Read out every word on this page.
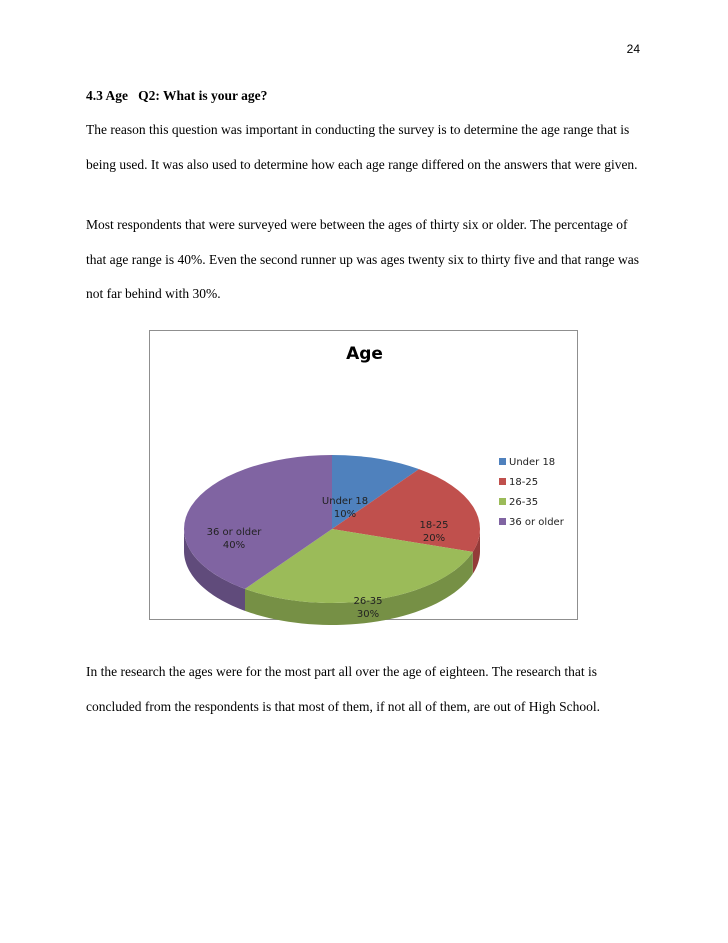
24
4.3 Age   Q2: What is your age?

The reason this question was important in conducting the survey is to determine the age range that is being used. It was also used to determine how each age range differed on the answers that were given.

Most respondents that were surveyed were between the ages of thirty six or older. The percentage of that age range is 40%. Even the second runner up was ages twenty six to thirty five and that range was not far behind with 30%.

Age
Under 18
10%
18-25
20%
26-35
30%
36 or older
40%
Under 18
18-25
26-35
36 or older

In the research the ages were for the most part all over the age of eighteen. The research that is concluded from the respondents is that most of them, if not all of them, are out of High School.
